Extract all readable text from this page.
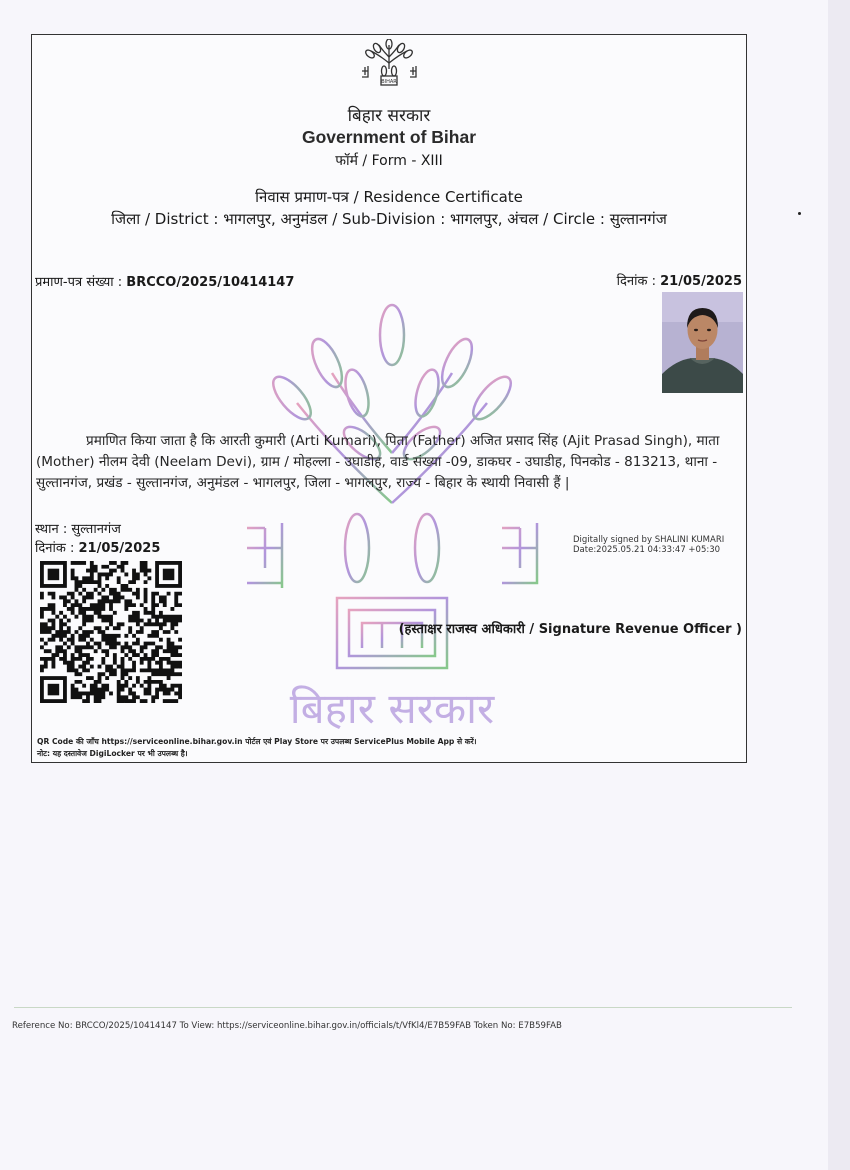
बिहार सरकार
BIHAR
बिहार सरकार
Government of Bihar
फॉर्म / Form - XIII
निवास प्रमाण-पत्र / Residence Certificate
जिला / District : भागलपुर, अनुमंडल / Sub-Division : भागलपुर, अंचल / Circle : सुल्तानगंज
प्रमाण-पत्र संख्या : BRCCO/2025/10414147	दिनांक : 21/05/2025
प्रमाणित किया जाता है कि आरती कुमारी (Arti Kumari), पिता (Father) अजित प्रसाद सिंह (Ajit Prasad Singh), माता (Mother) नीलम देवी (Neelam Devi), ग्राम / मोहल्ला - उघाडीह, वार्ड संख्या -09, डाकघर - उघाडीह, पिनकोड - 813213, थाना - सुल्तानगंज, प्रखंड - सुल्तानगंज, अनुमंडल - भागलपुर, जिला - भागलपुर, राज्य - बिहार के स्थायी निवासी हैं |
स्थान : सुल्तानगंज
दिनांक : 21/05/2025
Digitally signed by SHALINI KUMARI
Date:2025.05.21 04:33:47 +05:30
(हस्ताक्षर राजस्व अधिकारी / Signature Revenue Officer )
QR Code की जाँच https://serviceonline.bihar.gov.in पोर्टल एवं Play Store पर उपलब्ध ServicePlus Mobile App से करें।
नोट: यह दस्तावेज DigiLocker पर भी उपलब्ध है।
Reference No: BRCCO/2025/10414147 To View: https://serviceonline.bihar.gov.in/officials/t/VfKl4/E7B59FAB Token No: E7B59FAB
